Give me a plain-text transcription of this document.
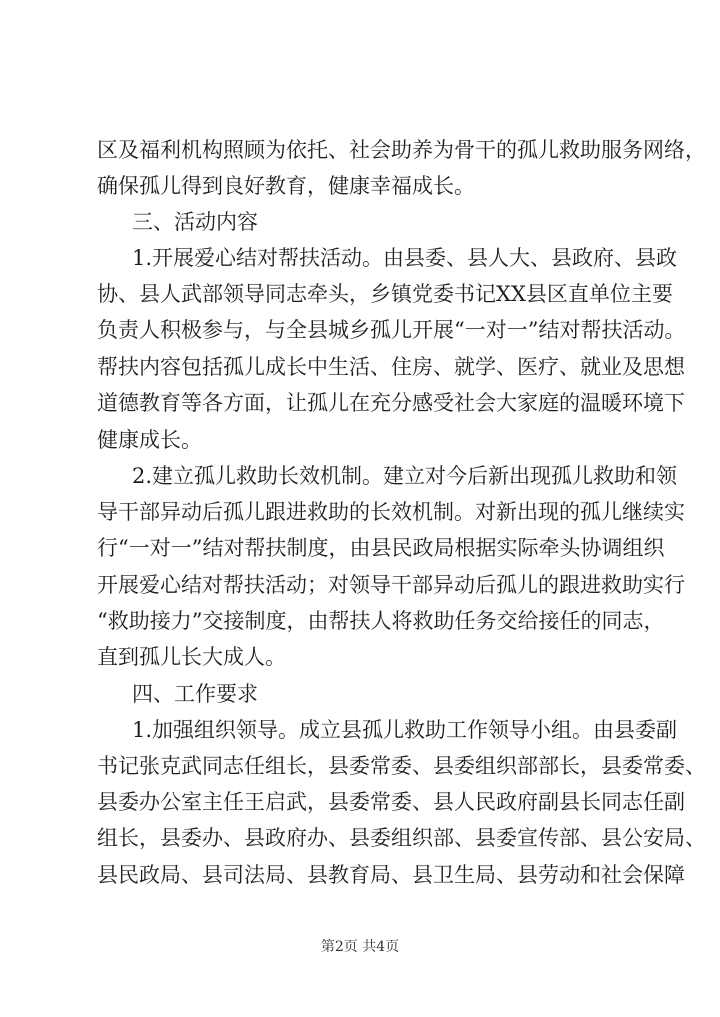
区及福利机构照顾为依托、社会助养为骨干的孤儿救助服务网络，
确保孤儿得到良好教育，健康幸福成长。
三、活动内容
1.开展爱心结对帮扶活动。由县委、县人大、县政府、县政
协、县人武部领导同志牵头，乡镇党委书记XX县区直单位主要
负责人积极参与，与全县城乡孤儿开展“一对一”结对帮扶活动。
帮扶内容包括孤儿成长中生活、住房、就学、医疗、就业及思想
道德教育等各方面，让孤儿在充分感受社会大家庭的温暖环境下
健康成长。
2.建立孤儿救助长效机制。建立对今后新出现孤儿救助和领
导干部异动后孤儿跟进救助的长效机制。对新出现的孤儿继续实
行“一对一”结对帮扶制度，由县民政局根据实际牵头协调组织
开展爱心结对帮扶活动；对领导干部异动后孤儿的跟进救助实行
“救助接力”交接制度，由帮扶人将救助任务交给接任的同志，
直到孤儿长大成人。
四、工作要求
1.加强组织领导。成立县孤儿救助工作领导小组。由县委副
书记张克武同志任组长，县委常委、县委组织部部长，县委常委、
县委办公室主任王启武，县委常委、县人民政府副县长同志任副
组长，县委办、县政府办、县委组织部、县委宣传部、县公安局、
县民政局、县司法局、县教育局、县卫生局、县劳动和社会保障
第2页 共4页
